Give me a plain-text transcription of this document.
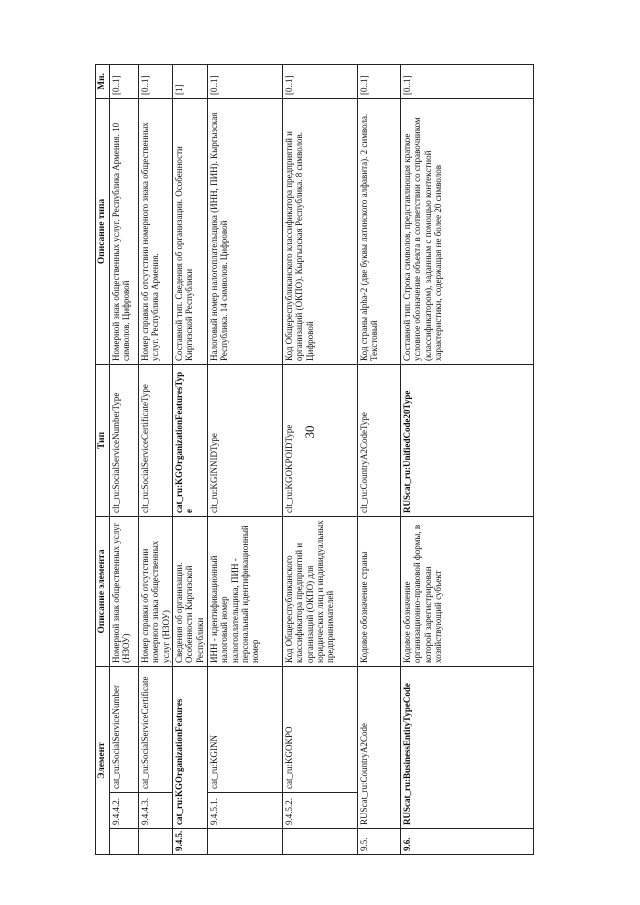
30
Элемент			Описание элемента	Тип	Описание типа	Мн.
	9.4.4.2.	cat_ru:SocialServiceNumber	Номерной знак общественных услуг (НЗОУ)	clt_ru:SocialServiceNumberType	Номерной знак общественных услуг. Республика Армения. 10 символов. Цифровой	[0..1]
	9.4.4.3.	cat_ru:SocialServiceCertificate	Номер справки об отсутствии номерного знака общественных услуг (НЗОУ)	clt_ru:SocialServiceCertificateType	Номер справки об отсутствии номерного знака общественных услуг. Республика Армения.	[0..1]
9.4.5.	cat_ru:KGOrganizationFeatures		Сведения об организации. Особенности Киргизской Республики	cat_ru:KGOrganizationFeaturesType	Составной тип. Сведения об организации. Особенности Киргизской Республики	[1]
	9.4.5.1.	cat_ru:KGINN	ИНН - идентификационный налоговый номер налогоплательщика, ПИН - персональный идентификационный номер	clt_ru:KGINNIDType	Налоговый номер налогоплательщика (ИНН, ПИН). Кыргызская Республика. 14 символов. Цифровой	[0..1]
	9.4.5.2.	cat_ru:KGOKPO	Код Общереспубликанского классификатора предприятий и организаций (ОКПО) для юридических лиц и индивидуальных предпринимателей	clt_ru:KGOKPOIDType	Код Общереспубликанского классификатора предприятий и организаций (ОКПО). Кыргызская Республика. 8 символов. Цифровой	[0..1]
9.5.	RUScat_ru:CountryA2Code		Кодовое обозначение страны	clt_ru:CountryA2CodeType	Код страны alpha-2 (две буквы латинского алфавита). 2 символа. Текстовый	[0..1]
9.6.	RUScat_ru:BusinessEntityTypeCode		Кодовое обозначение организационно-правовой формы, в которой зарегистрирован хозяйствующий субъект	RUScat_ru:UnifiedCode20Type	Составной тип. Строка символов, представляющая краткое условное обозначение объекта в соответствии со справочником (классификатором), заданным с помощью контекстной характеристики, содержащая не более 20 символов	[0..1]
